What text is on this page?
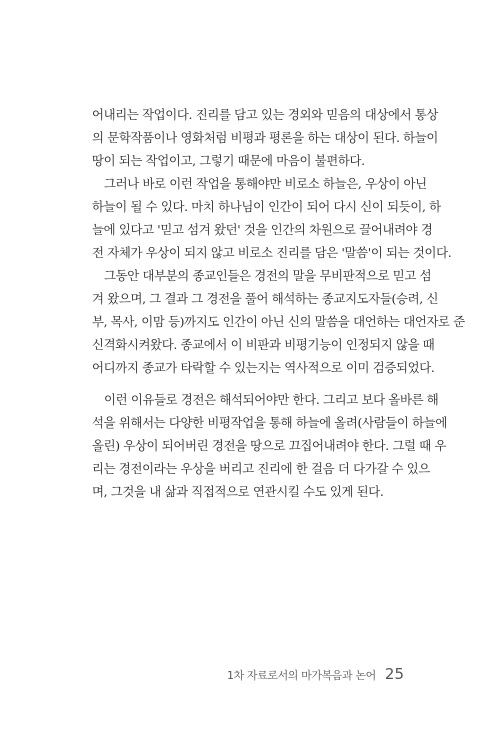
어내리는 작업이다. 진리를 담고 있는 경외와 믿음의 대상에서 통상
의 문학작품이나 영화처럼 비평과 평론을 하는 대상이 된다. 하늘이
땅이 되는 작업이고, 그렇기 때문에 마음이 불편하다.
그러나 바로 이런 작업을 통해야만 비로소 하늘은, 우상이 아닌
하늘이 될 수 있다. 마치 하나님이 인간이 되어 다시 신이 되듯이, 하
늘에 있다고 '믿고 섬겨 왔던' 것을 인간의 차원으로 끌어내려야 경
전 자체가 우상이 되지 않고 비로소 진리를 담은 '말씀'이 되는 것이다.
그동안 대부분의 종교인들은 경전의 말을 무비판적으로 믿고 섬
겨 왔으며, 그 결과 그 경전을 풀어 해석하는 종교지도자들(승려, 신
부, 목사, 이맘 등)까지도 인간이 아닌 신의 말씀을 대언하는 대언자로 준
신격화시켜왔다. 종교에서 이 비판과 비평기능이 인정되지 않을 때
어디까지 종교가 타락할 수 있는지는 역사적으로 이미 검증되었다.
이런 이유들로 경전은 해석되어야만 한다. 그리고 보다 올바른 해
석을 위해서는 다양한 비평작업을 통해 하늘에 올려(사람들이 하늘에
올린) 우상이 되어버린 경전을 땅으로 끄집어내려야 한다. 그럴 때 우
리는 경전이라는 우상을 버리고 진리에 한 걸음 더 다가갈 수 있으
며, 그것을 내 삶과 직접적으로 연관시킬 수도 있게 된다.
1차 자료로서의 마가복음과 논어 25
